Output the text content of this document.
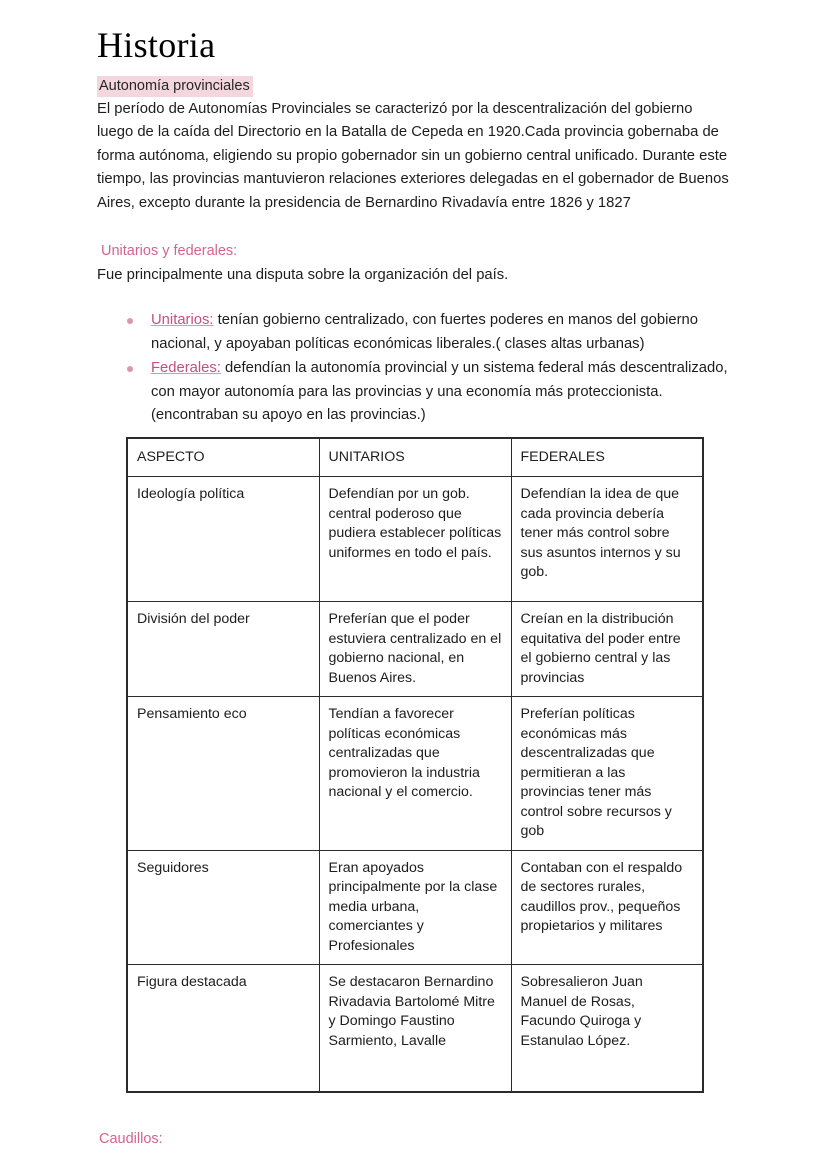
Historia
Autonomía provinciales

El período de Autonomías Provinciales se caracterizó por la descentralización del gobierno luego de la caída del Directorio en la Batalla de Cepeda en 1920.Cada provincia gobernaba de forma autónoma, eligiendo su propio gobernador sin un gobierno central unificado. Durante este tiempo, las provincias mantuvieron relaciones exteriores delegadas en el gobernador de Buenos Aires, excepto durante la presidencia de Bernardino Rivadavía entre 1826 y 1827

Unitarios y federales:

Fue principalmente una disputa sobre la organización del país.

Unitarios: tenían gobierno centralizado, con fuertes poderes en manos del gobierno nacional, y apoyaban políticas económicas liberales.( clases altas urbanas)
Federales: defendían la autonomía provincial y un sistema federal más descentralizado, con mayor autonomía para las provincias y una economía más proteccionista. (encontraban su apoyo en las provincias.)
ASPECTO	UNITARIOS	FEDERALES
Ideología política	Defendían por un gob. central poderoso que pudiera establecer políticas uniformes en todo el país.	Defendían la idea de que cada provincia debería tener más control sobre sus asuntos internos y su gob.
División del poder	Preferían que el poder estuviera centralizado en el gobierno nacional, en Buenos Aires.	Creían en la distribución equitativa del poder entre el gobierno central y las provincias
Pensamiento eco	Tendían a favorecer políticas económicas centralizadas que promovieron la industria nacional y el comercio.	Preferían políticas económicas más descentralizadas que permitieran a las provincias tener más control sobre recursos y gob
Seguidores	Eran apoyados principalmente por la clase media urbana, comerciantes y Profesionales	Contaban con el respaldo de sectores rurales, caudillos prov., pequeños propietarios y militares
Figura destacada	Se destacaron Bernardino Rivadavia Bartolomé Mitre y Domingo Faustino Sarmiento, Lavalle	Sobresalieron Juan Manuel de Rosas, Facundo Quiroga y Estanulao López.
Caudillos:
